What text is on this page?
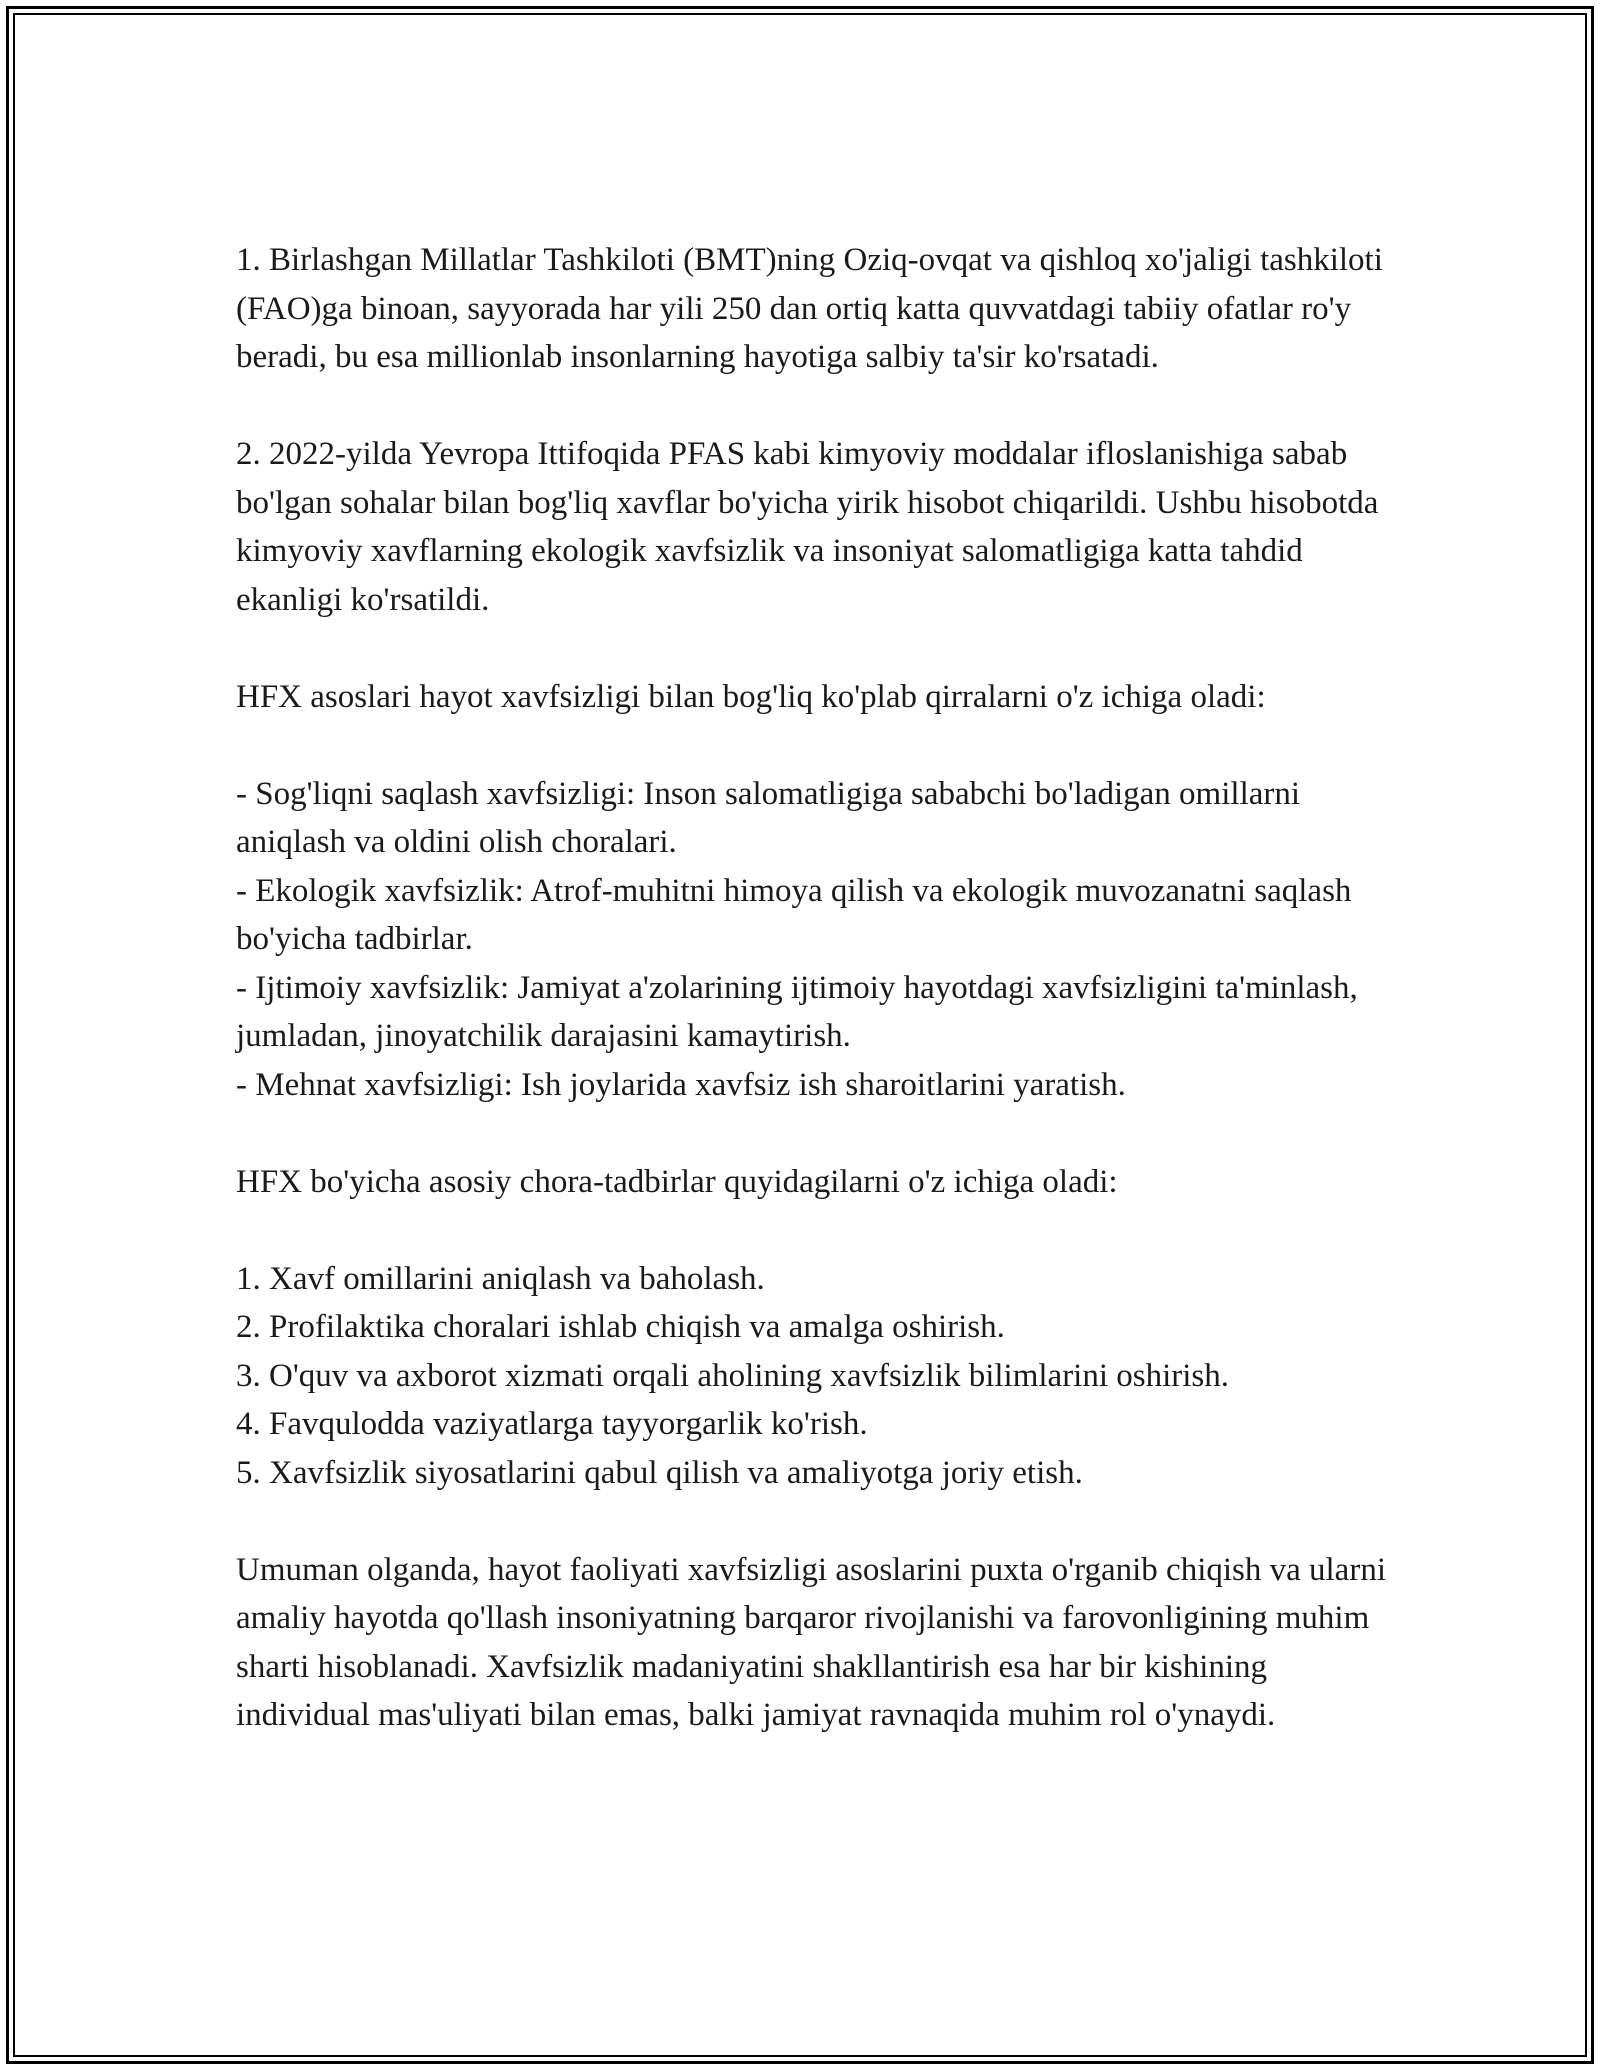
1. Birlashgan Millatlar Tashkiloti (BMT)ning Oziq-ovqat va qishloq xo'jaligi tashkiloti (FAO)ga binoan, sayyorada har yili 250 dan ortiq katta quvvatdagi tabiiy ofatlar ro'y beradi, bu esa millionlab insonlarning hayotiga salbiy ta'sir ko'rsatadi.

2. 2022-yilda Yevropa Ittifoqida PFAS kabi kimyoviy moddalar ifloslanishiga sabab bo'lgan sohalar bilan bog'liq xavflar bo'yicha yirik hisobot chiqarildi. Ushbu hisobotda kimyoviy xavflarning ekologik xavfsizlik va insoniyat salomatligiga katta tahdid ekanligi ko'rsatildi.

HFX asoslari hayot xavfsizligi bilan bog'liq ko'plab qirralarni o'z ichiga oladi:

- Sog'liqni saqlash xavfsizligi: Inson salomatligiga sababchi bo'ladigan omillarni aniqlash va oldini olish choralari.

- Ekologik xavfsizlik: Atrof-muhitni himoya qilish va ekologik muvozanatni saqlash bo'yicha tadbirlar.

- Ijtimoiy xavfsizlik: Jamiyat a'zolarining ijtimoiy hayotdagi xavfsizligini ta'minlash, jumladan, jinoyatchilik darajasini kamaytirish.

- Mehnat xavfsizligi: Ish joylarida xavfsiz ish sharoitlarini yaratish.

HFX bo'yicha asosiy chora-tadbirlar quyidagilarni o'z ichiga oladi:

1. Xavf omillarini aniqlash va baholash.

2. Profilaktika choralari ishlab chiqish va amalga oshirish.

3. O'quv va axborot xizmati orqali aholining xavfsizlik bilimlarini oshirish.

4. Favqulodda vaziyatlarga tayyorgarlik ko'rish.

5. Xavfsizlik siyosatlarini qabul qilish va amaliyotga joriy etish.

Umuman olganda, hayot faoliyati xavfsizligi asoslarini puxta o'rganib chiqish va ularni amaliy hayotda qo'llash insoniyatning barqaror rivojlanishi va farovonligining muhim sharti hisoblanadi. Xavfsizlik madaniyatini shakllantirish esa har bir kishining individual mas'uliyati bilan emas, balki jamiyat ravnaqida muhim rol o'ynaydi.
